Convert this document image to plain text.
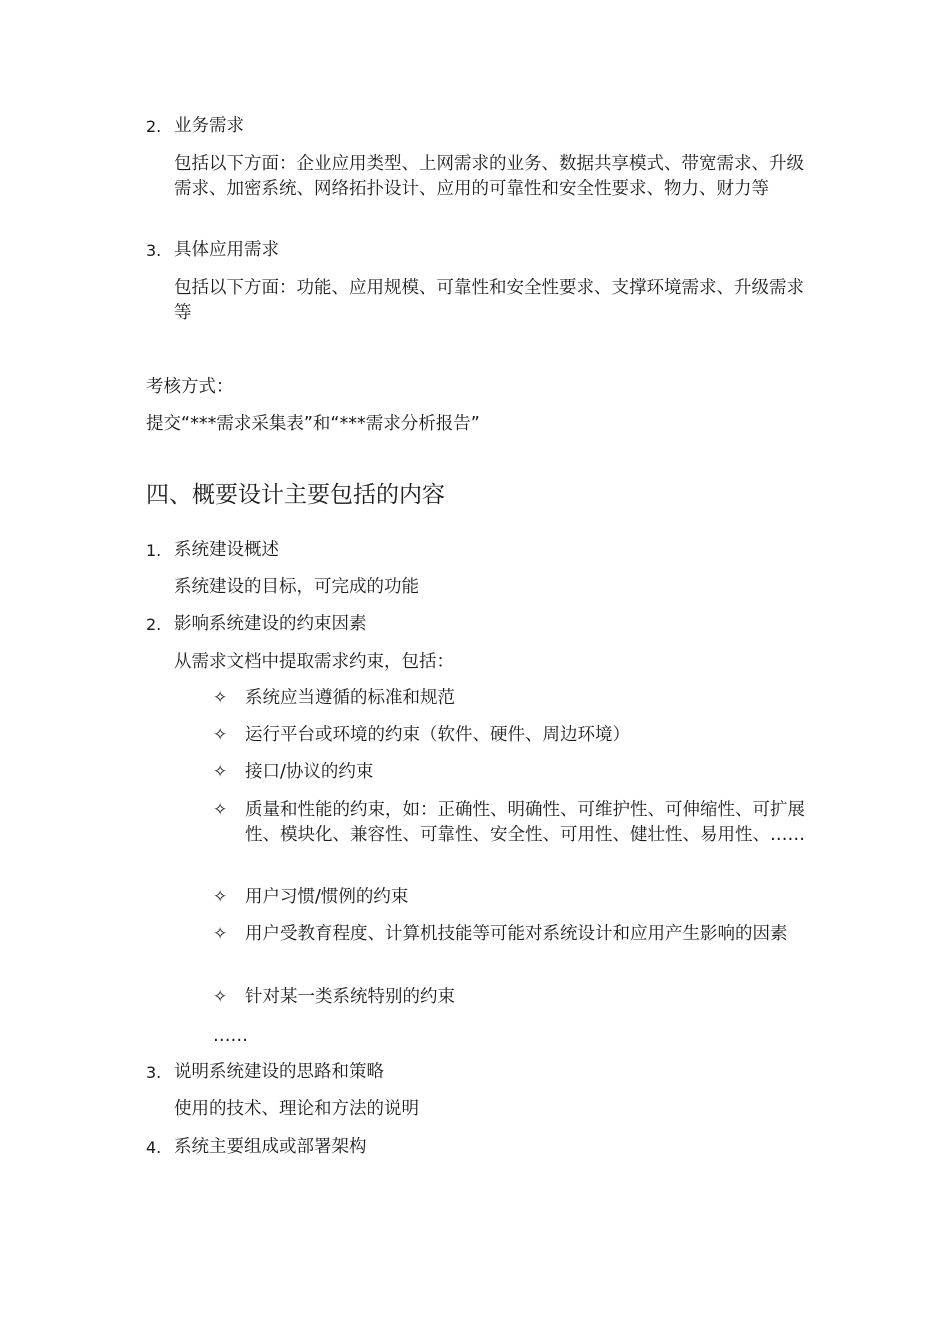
2. 业务需求
包括以下方面：企业应用类型、上网需求的业务、数据共享模式、带宽需求、升级需求、加密系统、网络拓扑设计、应用的可靠性和安全性要求、物力、财力等
3. 具体应用需求
包括以下方面：功能、应用规模、可靠性和安全性要求、支撑环境需求、升级需求等
考核方式：
提交“***需求采集表”和“***需求分析报告”
四、概要设计主要包括的内容
1. 系统建设概述
系统建设的目标，可完成的功能
2. 影响系统建设的约束因素
从需求文档中提取需求约束，包括：
✧ 系统应当遵循的标准和规范
✧ 运行平台或环境的约束（软件、硬件、周边环境）
✧ 接口/协议的约束
✧ 质量和性能的约束，如：正确性、明确性、可维护性、可伸缩性、可扩展性、模块化、兼容性、可靠性、安全性、可用性、健壮性、易用性、……
✧ 用户习惯/惯例的约束
✧ 用户受教育程度、计算机技能等可能对系统设计和应用产生影响的因素
✧ 针对某一类系统特别的约束
……
3. 说明系统建设的思路和策略
使用的技术、理论和方法的说明
4. 系统主要组成或部署架构
